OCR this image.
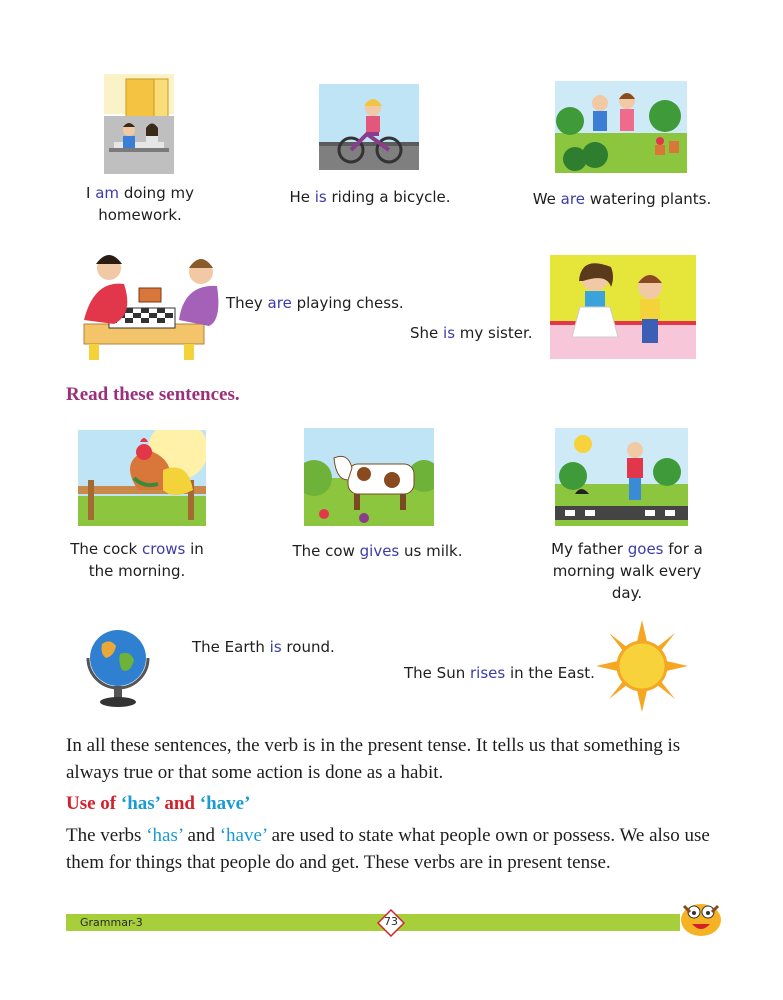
I am doing my homework.
He is riding a bicycle.	We are watering plants.
They are playing chess.
She is my sister.
Read these sentences.
The cock crows in the morning.
The cow gives us milk.	My father goes for a morning walk every day.
The Earth is round.
The Sun rises in the East.
In all these sentences, the verb is in the present tense. It tells us that something is always true or that some action is done as a habit.
Use of ‘has’ and ‘have’
The verbs ‘has’ and ‘have’ are used to state what people own or possess. We also use them for things that people do and get. These verbs are in present tense.
Grammar-3	73
